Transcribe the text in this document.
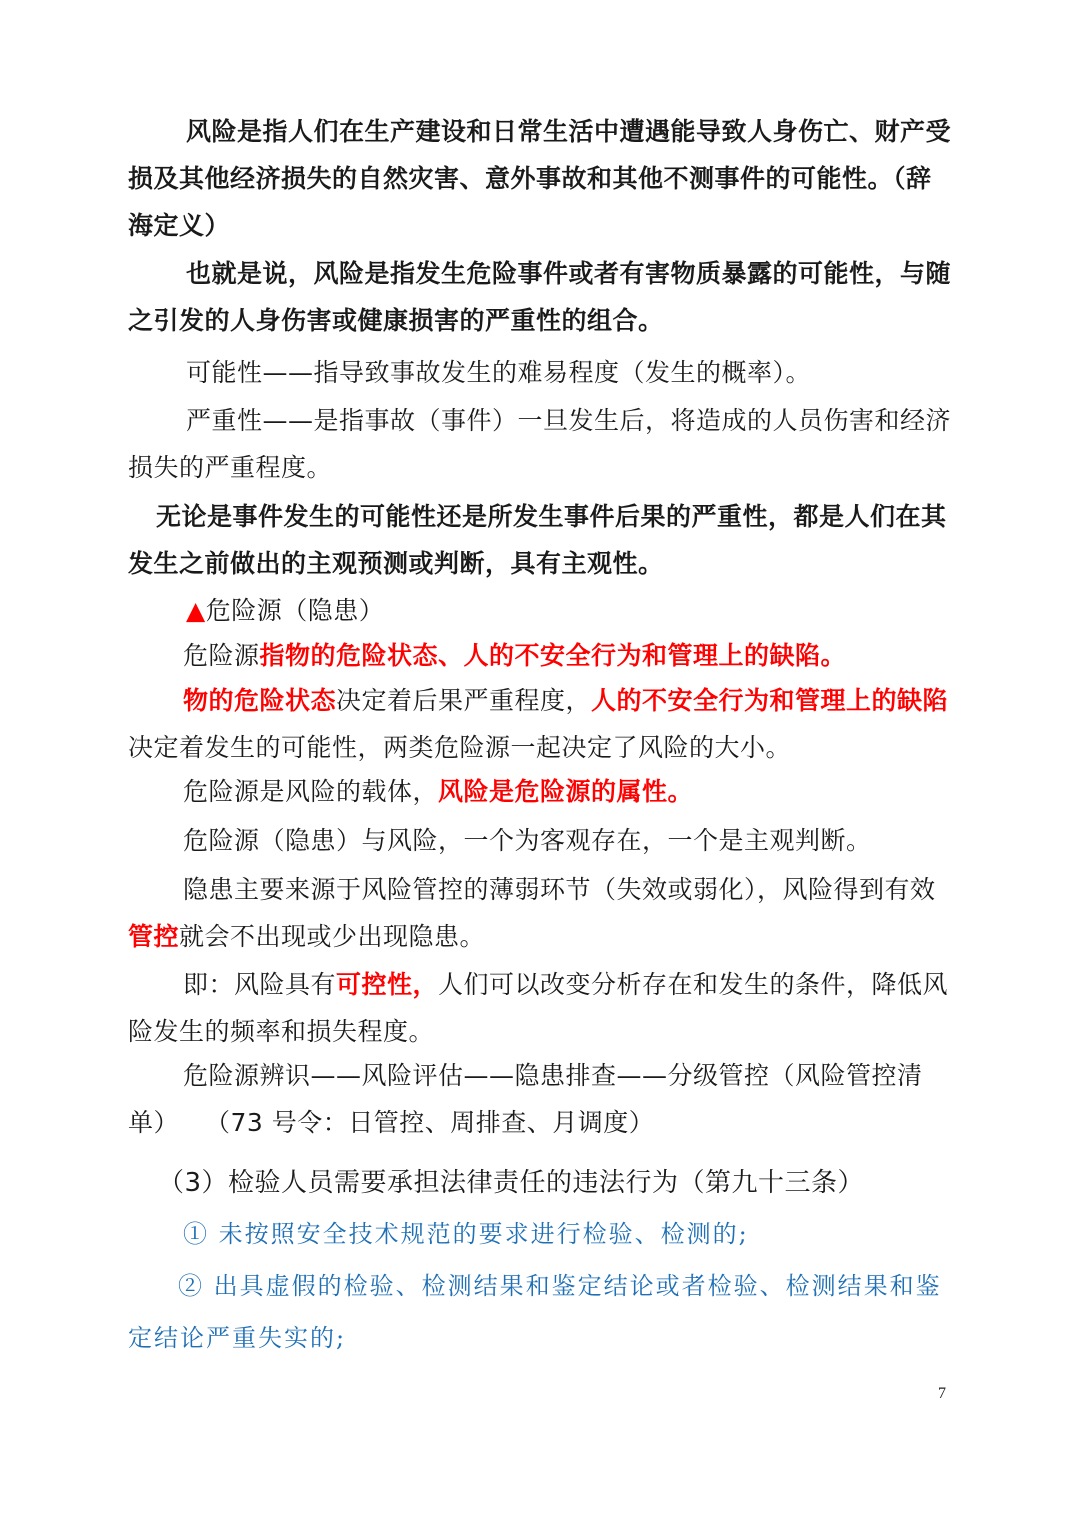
风险是指人们在生产建设和日常生活中遭遇能导致人身伤亡、财产受损及其他经济损失的自然灾害、意外事故和其他不测事件的可能性。（辞海定义）

也就是说，风险是指发生危险事件或者有害物质暴露的可能性，与随之引发的人身伤害或健康损害的严重性的组合。

可能性——指导致事故发生的难易程度（发生的概率）。

严重性——是指事故（事件）一旦发生后，将造成的人员伤害和经济损失的严重程度。

无论是事件发生的可能性还是所发生事件后果的严重性，都是人们在其发生之前做出的主观预测或判断，具有主观性。

▲危险源（隐患）

危险源指物的危险状态、人的不安全行为和管理上的缺陷。

物的危险状态决定着后果严重程度，人的不安全行为和管理上的缺陷决定着发生的可能性，两类危险源一起决定了风险的大小。

危险源是风险的载体，风险是危险源的属性。

危险源（隐患）与风险，一个为客观存在，一个是主观判断。

隐患主要来源于风险管控的薄弱环节（失效或弱化），风险得到有效管控就会不出现或少出现隐患。

即：风险具有可控性，人们可以改变分析存在和发生的条件，降低风险发生的频率和损失程度。

危险源辨识——风险评估——隐患排查——分级管控（风险管控清单）　　（73 号令：日管控、周排查、月调度）

（3）检验人员需要承担法律责任的违法行为（第九十三条）

① 未按照安全技术规范的要求进行检验、检测的;

② 出具虚假的检验、检测结果和鉴定结论或者检验、检测结果和鉴定结论严重失实的;

7
